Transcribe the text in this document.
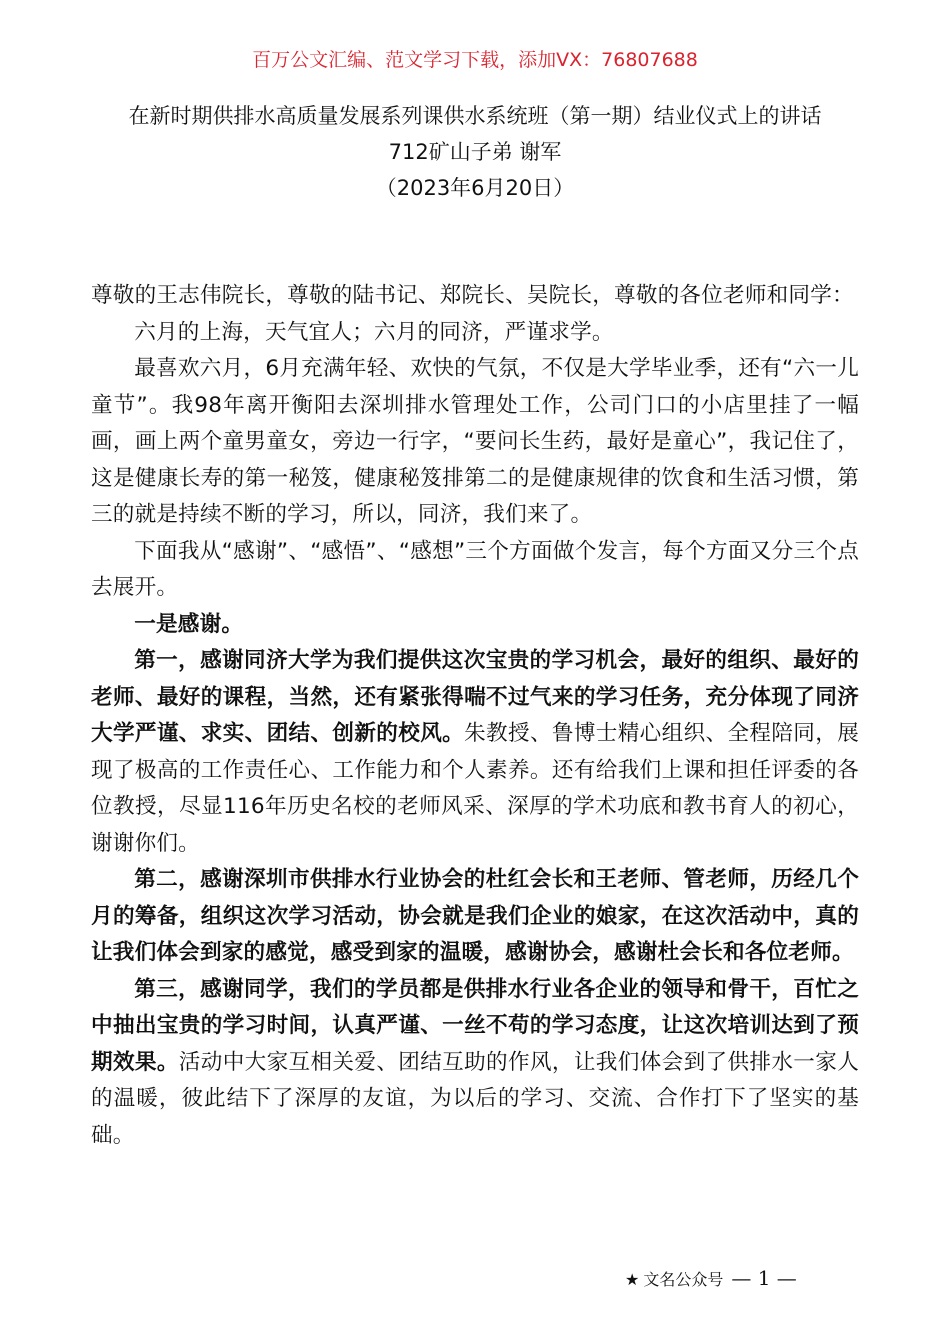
百万公文汇编、范文学习下载，添加VX：76807688
在新时期供排水高质量发展系列课供水系统班（第一期）结业仪式上的讲话
712矿山子弟 谢军
（2023年6月20日）

尊敬的王志伟院长，尊敬的陆书记、郑院长、吴院长，尊敬的各位老师和同学：

六月的上海，天气宜人；六月的同济，严谨求学。

最喜欢六月，6月充满年轻、欢快的气氛，不仅是大学毕业季，还有“六一儿童节”。我98年离开衡阳去深圳排水管理处工作，公司门口的小店里挂了一幅画，画上两个童男童女，旁边一行字，“要问长生药，最好是童心”，我记住了，这是健康长寿的第一秘笈，健康秘笈排第二的是健康规律的饮食和生活习惯，第三的就是持续不断的学习，所以，同济，我们来了。

下面我从“感谢”、“感悟”、“感想”三个方面做个发言，每个方面又分三个点去展开。

一是感谢。

第一，感谢同济大学为我们提供这次宝贵的学习机会，最好的组织、最好的老师、最好的课程，当然，还有紧张得喘不过气来的学习任务，充分体现了同济大学严谨、求实、团结、创新的校风。朱教授、鲁博士精心组织、全程陪同，展现了极高的工作责任心、工作能力和个人素养。还有给我们上课和担任评委的各位教授，尽显116年历史名校的老师风采、深厚的学术功底和教书育人的初心，谢谢你们。

第二，感谢深圳市供排水行业协会的杜红会长和王老师、管老师，历经几个月的筹备，组织这次学习活动，协会就是我们企业的娘家，在这次活动中，真的让我们体会到家的感觉，感受到家的温暖，感谢协会，感谢杜会长和各位老师。

第三，感谢同学，我们的学员都是供排水行业各企业的领导和骨干，百忙之中抽出宝贵的学习时间，认真严谨、一丝不苟的学习态度，让这次培训达到了预期效果。活动中大家互相关爱、团结互助的作风，让我们体会到了供排水一家人的温暖，彼此结下了深厚的友谊，为以后的学习、交流、合作打下了坚实的基础。

★ 文名公众号 — 1 —
